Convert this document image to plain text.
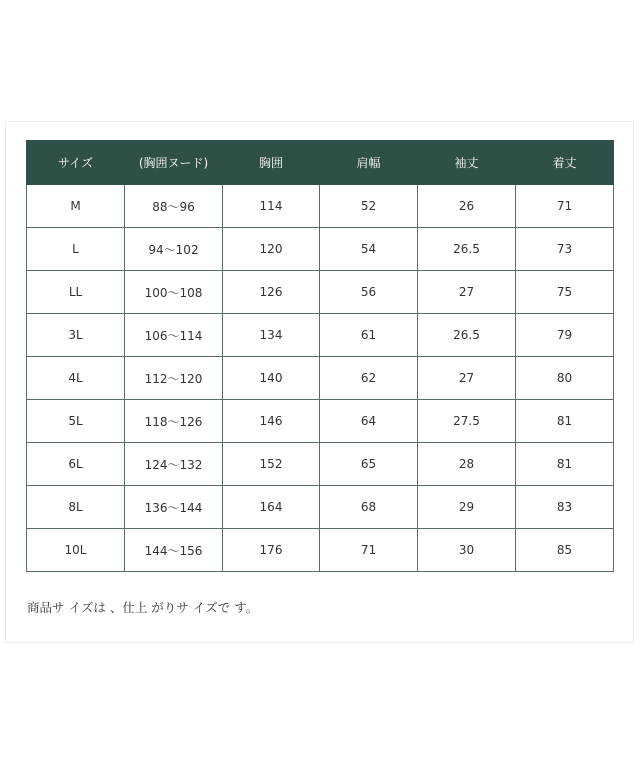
サイズ	(胸囲ヌード)	胸囲	肩幅	袖丈	着丈
M	88～96	114	52	26	71
L	94～102	120	54	26.5	73
LL	100～108	126	56	27	75
3L	106～114	134	61	26.5	79
4L	112～120	140	62	27	80
5L	118～126	146	64	27.5	81
6L	124～132	152	65	28	81
8L	136～144	164	68	29	83
10L	144～156	176	71	30	85
商品サ イズは 、仕上 がりサ イズで す。
